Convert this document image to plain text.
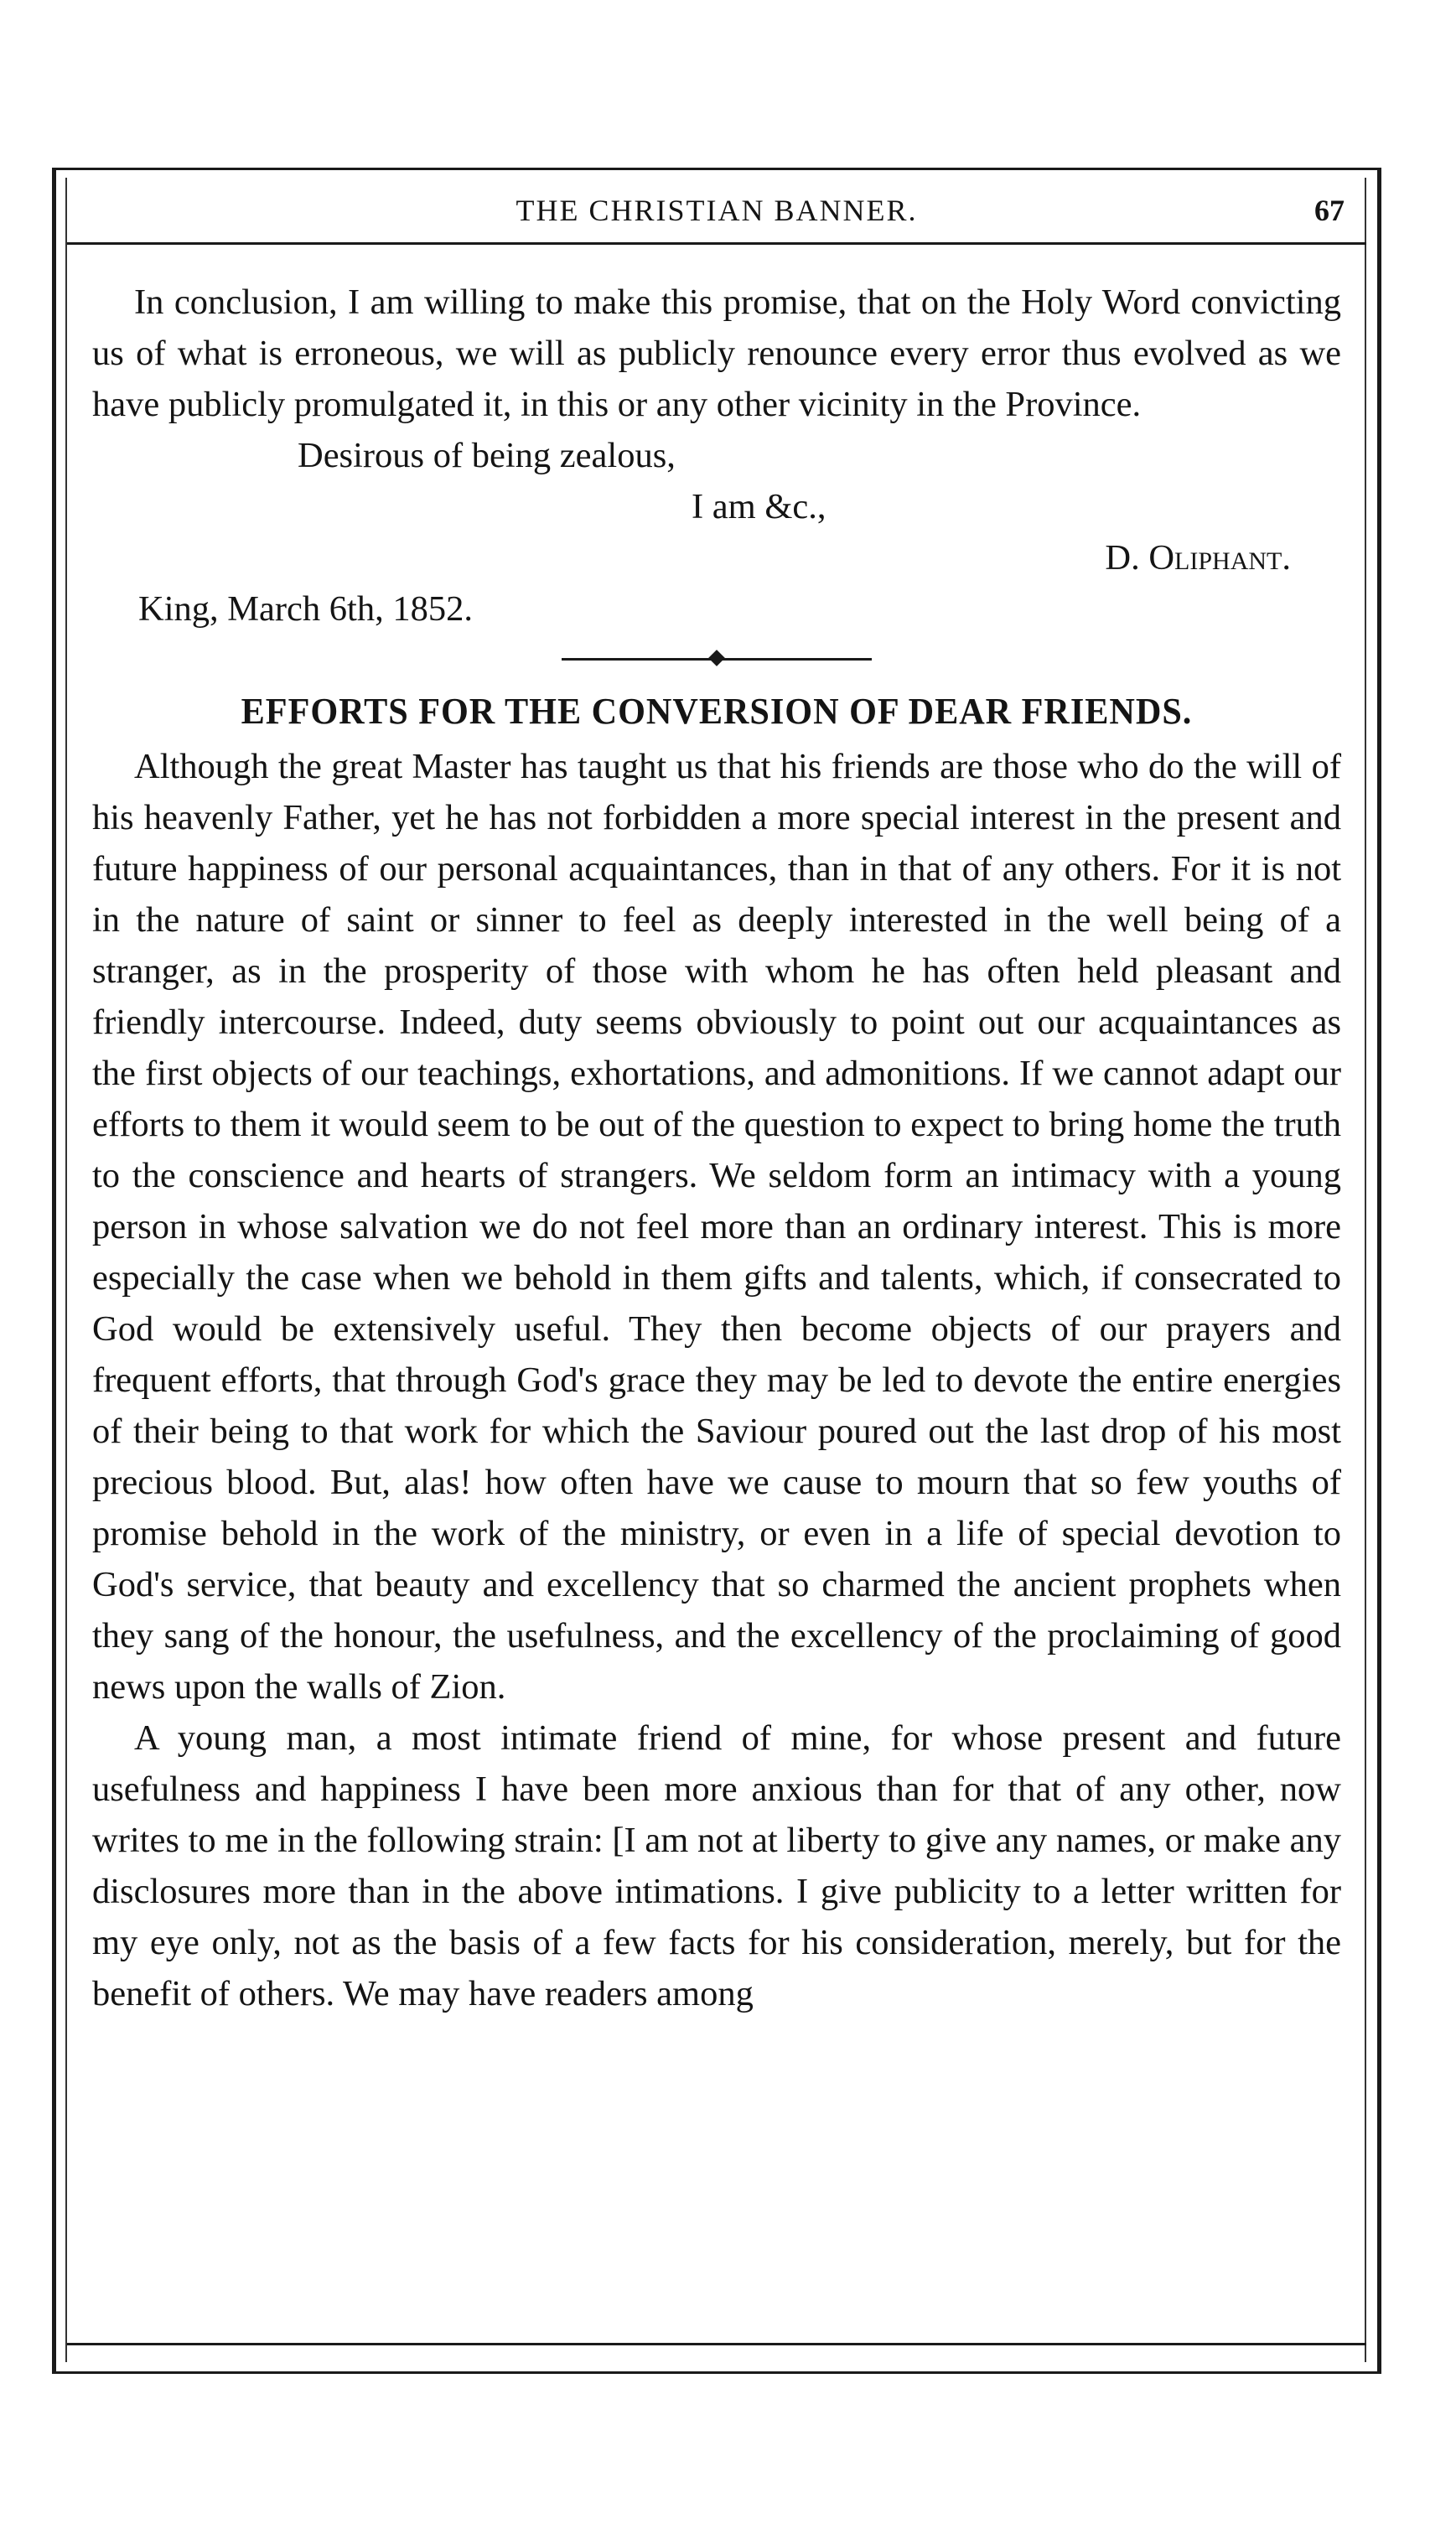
THE CHRISTIAN BANNER.	67

In conclusion, I am willing to make this promise, that on the Holy Word convicting us of what is erroneous, we will as publicly renounce every error thus evolved as we have publicly promulgated it, in this or any other vicinity in the Province.

Desirous of being zealous,

I am &c.,

D. Oliphant.

King, March 6th, 1852.

EFFORTS FOR THE CONVERSION OF DEAR FRIENDS.

Although the great Master has taught us that his friends are those who do the will of his heavenly Father, yet he has not forbidden a more special interest in the present and future happiness of our personal acquaintances, than in that of any others. For it is not in the nature of saint or sinner to feel as deeply interested in the well being of a stranger, as in the prosperity of those with whom he has often held pleasant and friendly intercourse. Indeed, duty seems obviously to point out our acquaintances as the first objects of our teachings, exhortations, and admonitions. If we cannot adapt our efforts to them it would seem to be out of the question to expect to bring home the truth to the conscience and hearts of strangers. We seldom form an intimacy with a young person in whose salvation we do not feel more than an ordinary interest. This is more especially the case when we behold in them gifts and talents, which, if consecrated to God would be extensively useful. They then become objects of our prayers and frequent efforts, that through God's grace they may be led to devote the entire energies of their being to that work for which the Saviour poured out the last drop of his most precious blood. But, alas! how often have we cause to mourn that so few youths of promise behold in the work of the ministry, or even in a life of special devotion to God's service, that beauty and excellency that so charmed the ancient prophets when they sang of the honour, the usefulness, and the excellency of the proclaiming of good news upon the walls of Zion.

A young man, a most intimate friend of mine, for whose present and future usefulness and happiness I have been more anxious than for that of any other, now writes to me in the following strain: [I am not at liberty to give any names, or make any disclosures more than in the above intimations. I give publicity to a letter written for my eye only, not as the basis of a few facts for his consideration, merely, but for the benefit of others. We may have readers among
